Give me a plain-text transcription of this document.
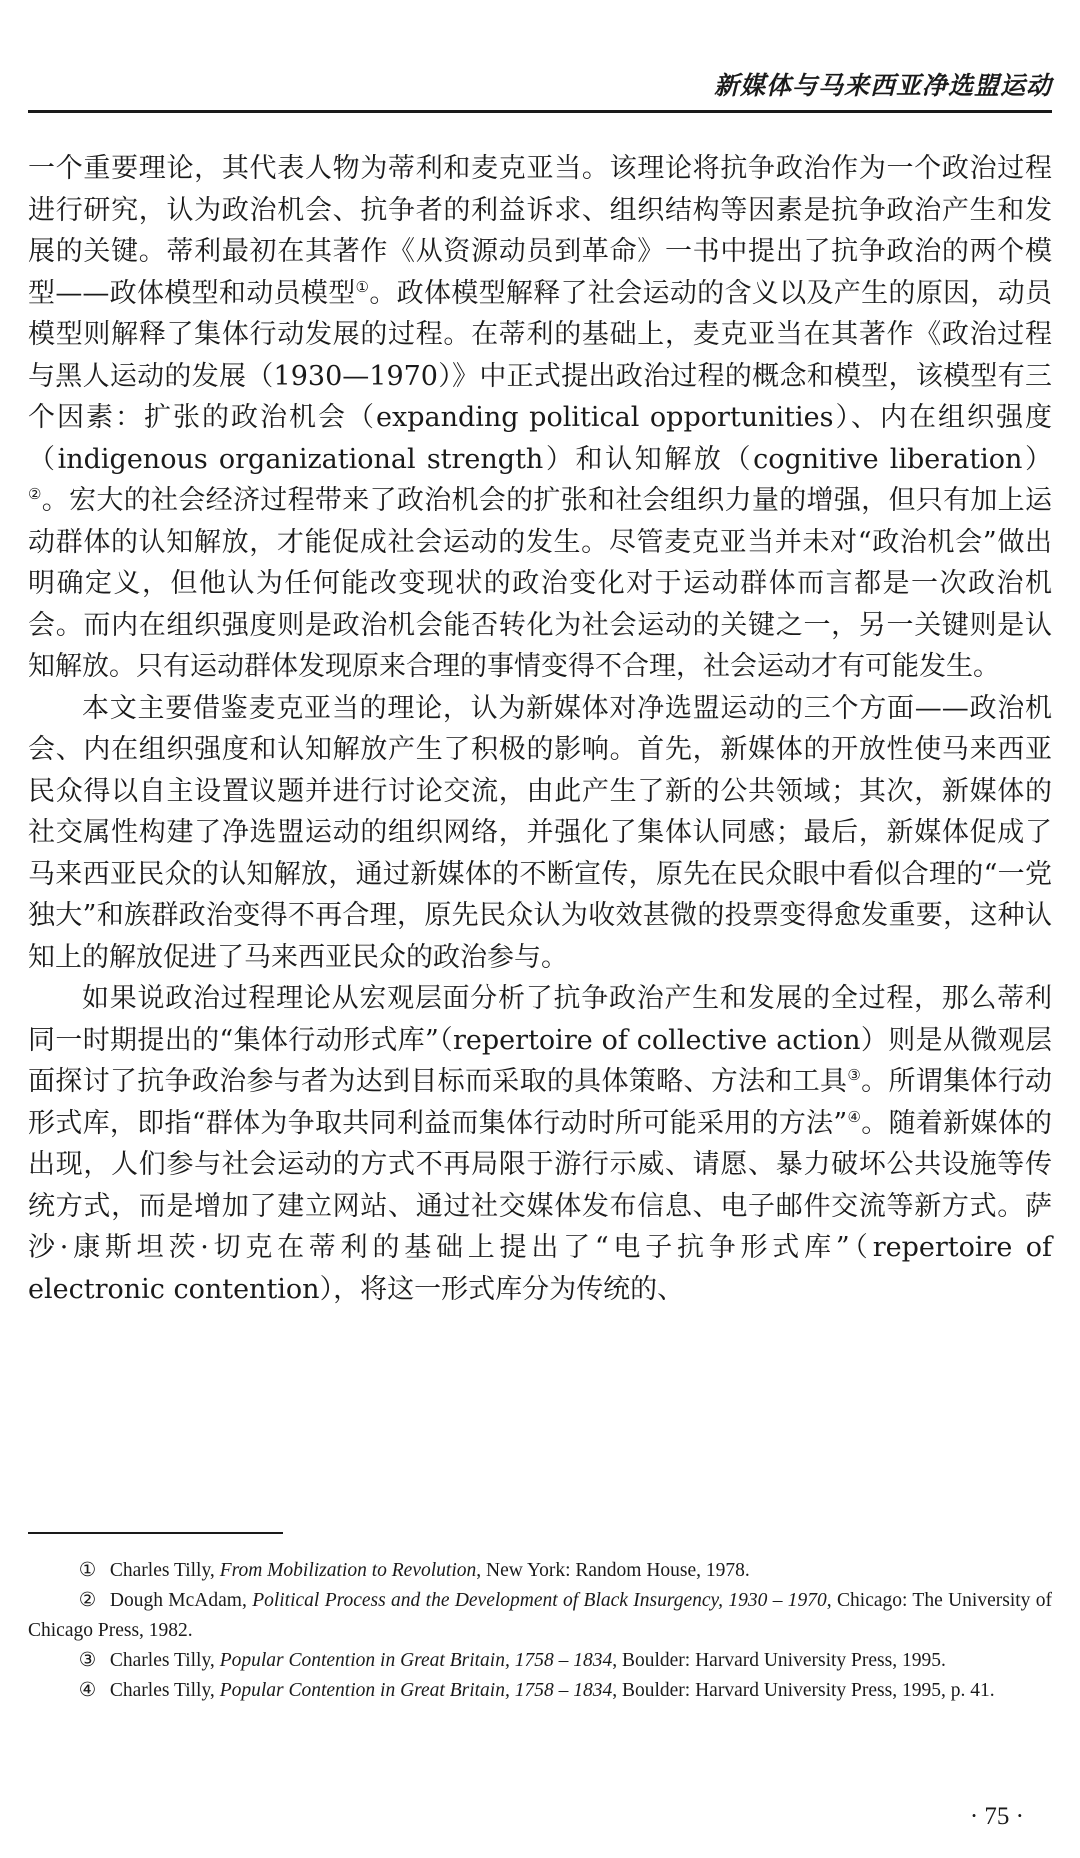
新媒体与马来西亚净选盟运动

一个重要理论，其代表人物为蒂利和麦克亚当。该理论将抗争政治作为一个政治过程进行研究，认为政治机会、抗争者的利益诉求、组织结构等因素是抗争政治产生和发展的关键。蒂利最初在其著作《从资源动员到革命》一书中提出了抗争政治的两个模型——政体模型和动员模型①。政体模型解释了社会运动的含义以及产生的原因，动员模型则解释了集体行动发展的过程。在蒂利的基础上，麦克亚当在其著作《政治过程与黑人运动的发展（1930—1970）》中正式提出政治过程的概念和模型，该模型有三个因素：扩张的政治机会（expanding political opportunities）、内在组织强度（indigenous organizational strength）和认知解放（cognitive liberation）②。宏大的社会经济过程带来了政治机会的扩张和社会组织力量的增强，但只有加上运动群体的认知解放，才能促成社会运动的发生。尽管麦克亚当并未对“政治机会”做出明确定义，但他认为任何能改变现状的政治变化对于运动群体而言都是一次政治机会。而内在组织强度则是政治机会能否转化为社会运动的关键之一，另一关键则是认知解放。只有运动群体发现原来合理的事情变得不合理，社会运动才有可能发生。

本文主要借鉴麦克亚当的理论，认为新媒体对净选盟运动的三个方面——政治机会、内在组织强度和认知解放产生了积极的影响。首先，新媒体的开放性使马来西亚民众得以自主设置议题并进行讨论交流，由此产生了新的公共领域；其次，新媒体的社交属性构建了净选盟运动的组织网络，并强化了集体认同感；最后，新媒体促成了马来西亚民众的认知解放，通过新媒体的不断宣传，原先在民众眼中看似合理的“一党独大”和族群政治变得不再合理，原先民众认为收效甚微的投票变得愈发重要，这种认知上的解放促进了马来西亚民众的政治参与。

如果说政治过程理论从宏观层面分析了抗争政治产生和发展的全过程，那么蒂利同一时期提出的“集体行动形式库”（repertoire of collective action）则是从微观层面探讨了抗争政治参与者为达到目标而采取的具体策略、方法和工具③。所谓集体行动形式库，即指“群体为争取共同利益而集体行动时所可能采用的方法”④。随着新媒体的出现，人们参与社会运动的方式不再局限于游行示威、请愿、暴力破坏公共设施等传统方式，而是增加了建立网站、通过社交媒体发布信息、电子邮件交流等新方式。萨沙·康斯坦茨·切克在蒂利的基础上提出了“电子抗争形式库”（repertoire of electronic contention），将这一形式库分为传统的、

① Charles Tilly, From Mobilization to Revolution, New York: Random House, 1978.

② Dough McAdam, Political Process and the Development of Black Insurgency, 1930 – 1970, Chicago: The University of Chicago Press, 1982.

③ Charles Tilly, Popular Contention in Great Britain, 1758 – 1834, Boulder: Harvard University Press, 1995.

④ Charles Tilly, Popular Contention in Great Britain, 1758 – 1834, Boulder: Harvard University Press, 1995, p. 41.

· 75 ·
